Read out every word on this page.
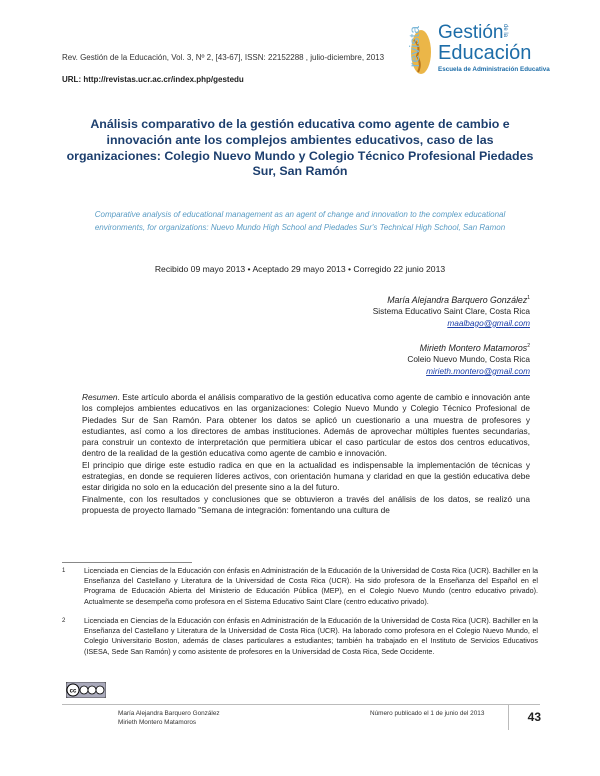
Rev. Gestión de la Educación, Vol. 3, Nº 2, [43-67], ISSN: 22152288 , julio-diciembre, 2013
URL: http://revistas.ucr.ac.cr/index.php/gestedu
revista Gestión
de la
Educación
Escuela de Administración Educativa
Análisis comparativo de la gestión educativa como agente de cambio e innovación ante los complejos ambientes educativos, caso de las organizaciones: Colegio Nuevo Mundo y Colegio Técnico Profesional Piedades Sur, San Ramón
Comparative analysis of educational management as an agent of change and innovation to the complex educational environments, for organizations: Nuevo Mundo High School and Piedades Sur's Technical High School, San Ramon
Recibido 09 mayo 2013 • Aceptado 29 mayo 2013 • Corregido 22 junio 2013
María Alejandra Barquero González$^1$
Sistema Educativo Saint Clare, Costa Rica
maalbago@gmail.com
Mirieth Montero Matamoros$^2$
Coleio Nuevo Mundo, Costa Rica
mirieth.montero@gmail.com

Resumen. Este artículo aborda el análisis comparativo de la gestión educativa como agente de cambio e innovación ante los complejos ambientes educativos en las organizaciones: Colegio Nuevo Mundo y Colegio Técnico Profesional de Piedades Sur de San Ramón. Para obtener los datos se aplicó un cuestionario a una muestra de profesores y estudiantes, así como a los directores de ambas instituciones. Además de aprovechar múltiples fuentes secundarias, para construir un contexto de interpretación que permitiera ubicar el caso particular de estos dos centros educativos, dentro de la realidad de la gestión educativa como agente de cambio e innovación.

El principio que dirige este estudio radica en que en la actualidad es indispensable la implementación de técnicas y estrategias, en donde se requieren líderes activos, con orientación humana y claridad en que la gestión educativa debe estar dirigida no solo en la educación del presente sino a la del futuro.

Finalmente, con los resultados y conclusiones que se obtuvieron a través del análisis de los datos, se realizó una propuesta de proyecto llamado "Semana de integración: fomentando una cultura de

1	Licenciada en Ciencias de la Educación con énfasis en Administración de la Educación de la Universidad de Costa Rica (UCR). Bachiller en la Enseñanza del Castellano y Literatura de la Universidad de Costa Rica (UCR). Ha sido profesora de la Enseñanza del Español en el Programa de Educación Abierta del Ministerio de Educación Pública (MEP), en el Colegio Nuevo Mundo (centro educativo privado). Actualmente se desempeña como profesora en el Sistema Educativo Saint Clare (centro educativo privado).
2	Licenciada en Ciencias de la Educación con énfasis en Administración de la Educación de la Universidad de Costa Rica (UCR). Bachiller en la Enseñanza del Castellano y Literatura de la Universidad de Costa Rica (UCR). Ha laborado como profesora en el Colegio Nuevo Mundo, el Colegio Universitario Boston, además de clases particulares a estudiantes; también ha trabajado en el Instituto de Servicios Educativos (ISESA, Sede San Ramón) y como asistente de profesores en la Universidad de Costa Rica, Sede Occidente.
cc
María Alejandra Barquero González
Mirieth Montero Matamoros
Número publicado el 1 de junio del 2013	43
